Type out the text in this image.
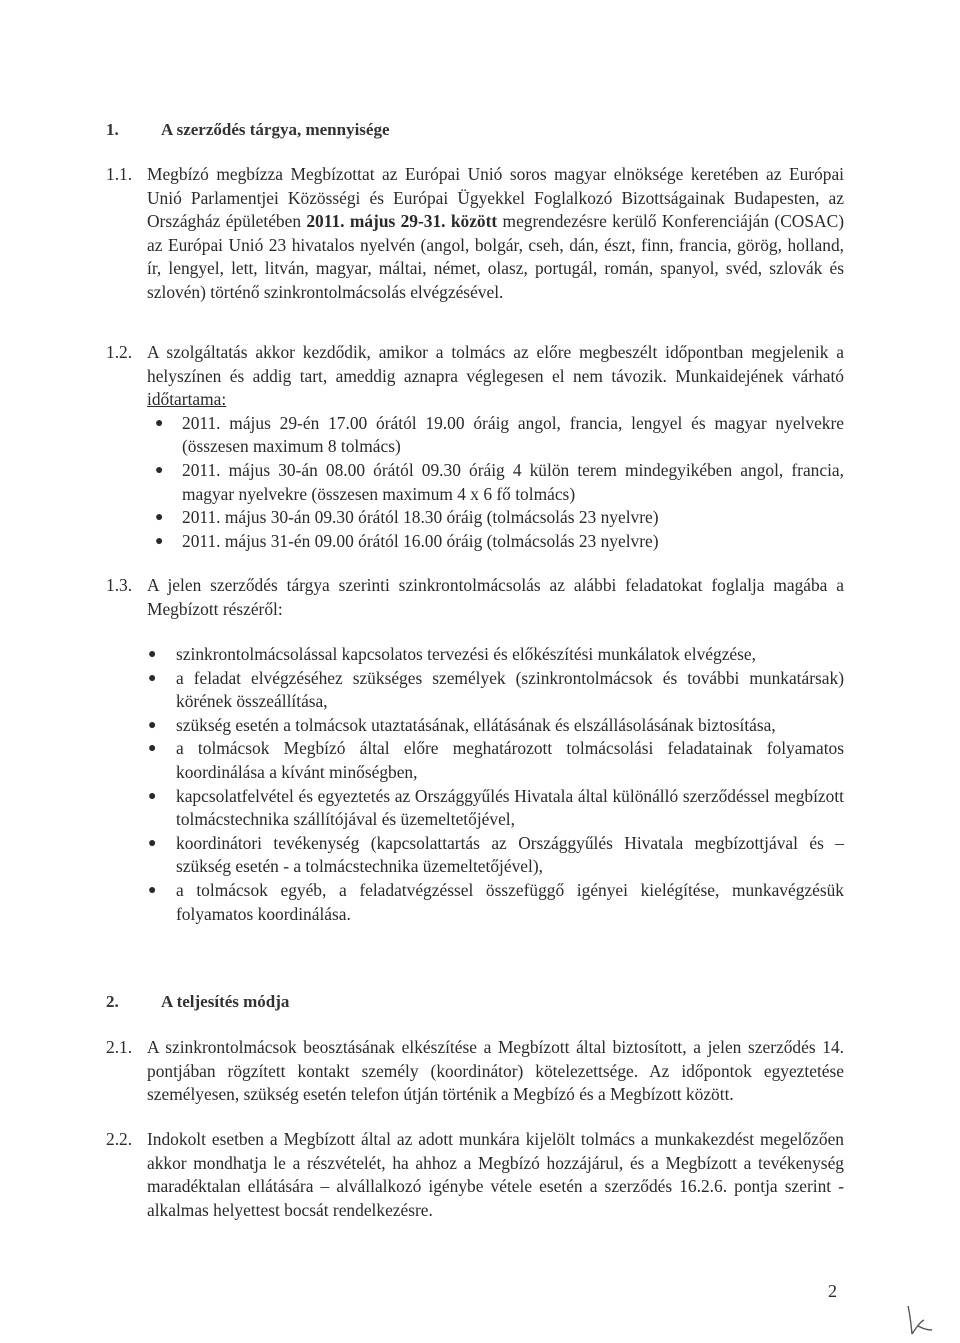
1. A szerződés tárgya, mennyisége
1.1. Megbízó megbízza Megbízottat az Európai Unió soros magyar elnöksége keretében az Európai Unió Parlamentjei Közösségi és Európai Ügyekkel Foglalkozó Bizottságainak Budapesten, az Országház épületében 2011. május 29-31. között megrendezésre kerülő Konferenciáján (COSAC) az Európai Unió 23 hivatalos nyelvén (angol, bolgár, cseh, dán, észt, finn, francia, görög, holland, ír, lengyel, lett, litván, magyar, máltai, német, olasz, portugál, román, spanyol, svéd, szlovák és szlovén) történő szinkrontolmácsolás elvégzésével.
1.2. A szolgáltatás akkor kezdődik, amikor a tolmács az előre megbeszélt időpontban megjelenik a helyszínen és addig tart, ameddig aznapra véglegesen el nem távozik. Munkaidejének várható időtartama:
● 2011. május 29-én 17.00 órától 19.00 óráig angol, francia, lengyel és magyar nyelvekre (összesen maximum 8 tolmács)
● 2011. május 30-án 08.00 órától 09.30 óráig 4 külön terem mindegyikében angol, francia, magyar nyelvekre (összesen maximum 4 x 6 fő tolmács)
● 2011. május 30-án 09.30 órától 18.30 óráig (tolmácsolás 23 nyelvre)
● 2011. május 31-én 09.00 órától 16.00 óráig (tolmácsolás 23 nyelvre)
1.3. A jelen szerződés tárgya szerinti szinkrontolmácsolás az alábbi feladatokat foglalja magába a Megbízott részéről:
● szinkrontolmácsolással kapcsolatos tervezési és előkészítési munkálatok elvégzése,
● a feladat elvégzéséhez szükséges személyek (szinkrontolmácsok és további munkatársak) körének összeállítása,
● szükség esetén a tolmácsok utaztatásának, ellátásának és elszállásolásának biztosítása,
● a tolmácsok Megbízó által előre meghatározott tolmácsolási feladatainak folyamatos koordinálása a kívánt minőségben,
● kapcsolatfelvétel és egyeztetés az Országgyűlés Hivatala által különálló szerződéssel megbízott tolmácstechnika szállítójával és üzemeltetőjével,
● koordinátori tevékenység (kapcsolattartás az Országgyűlés Hivatala megbízottjával és – szükség esetén - a tolmácstechnika üzemeltetőjével),
● a tolmácsok egyéb, a feladatvégzéssel összefüggő igényei kielégítése, munkavégzésük folyamatos koordinálása.
2. A teljesítés módja
2.1. A szinkrontolmácsok beosztásának elkészítése a Megbízott által biztosított, a jelen szerződés 14. pontjában rögzített kontakt személy (koordinátor) kötelezettsége. Az időpontok egyeztetése személyesen, szükség esetén telefon útján történik a Megbízó és a Megbízott között.
2.2. Indokolt esetben a Megbízott által az adott munkára kijelölt tolmács a munkakezdést megelőzően akkor mondhatja le a részvételét, ha ahhoz a Megbízó hozzájárul, és a Megbízott a tevékenység maradéktalan ellátására – alvállalkozó igénybe vétele esetén a szerződés 16.2.6. pontja szerint - alkalmas helyettest bocsát rendelkezésre.
2
